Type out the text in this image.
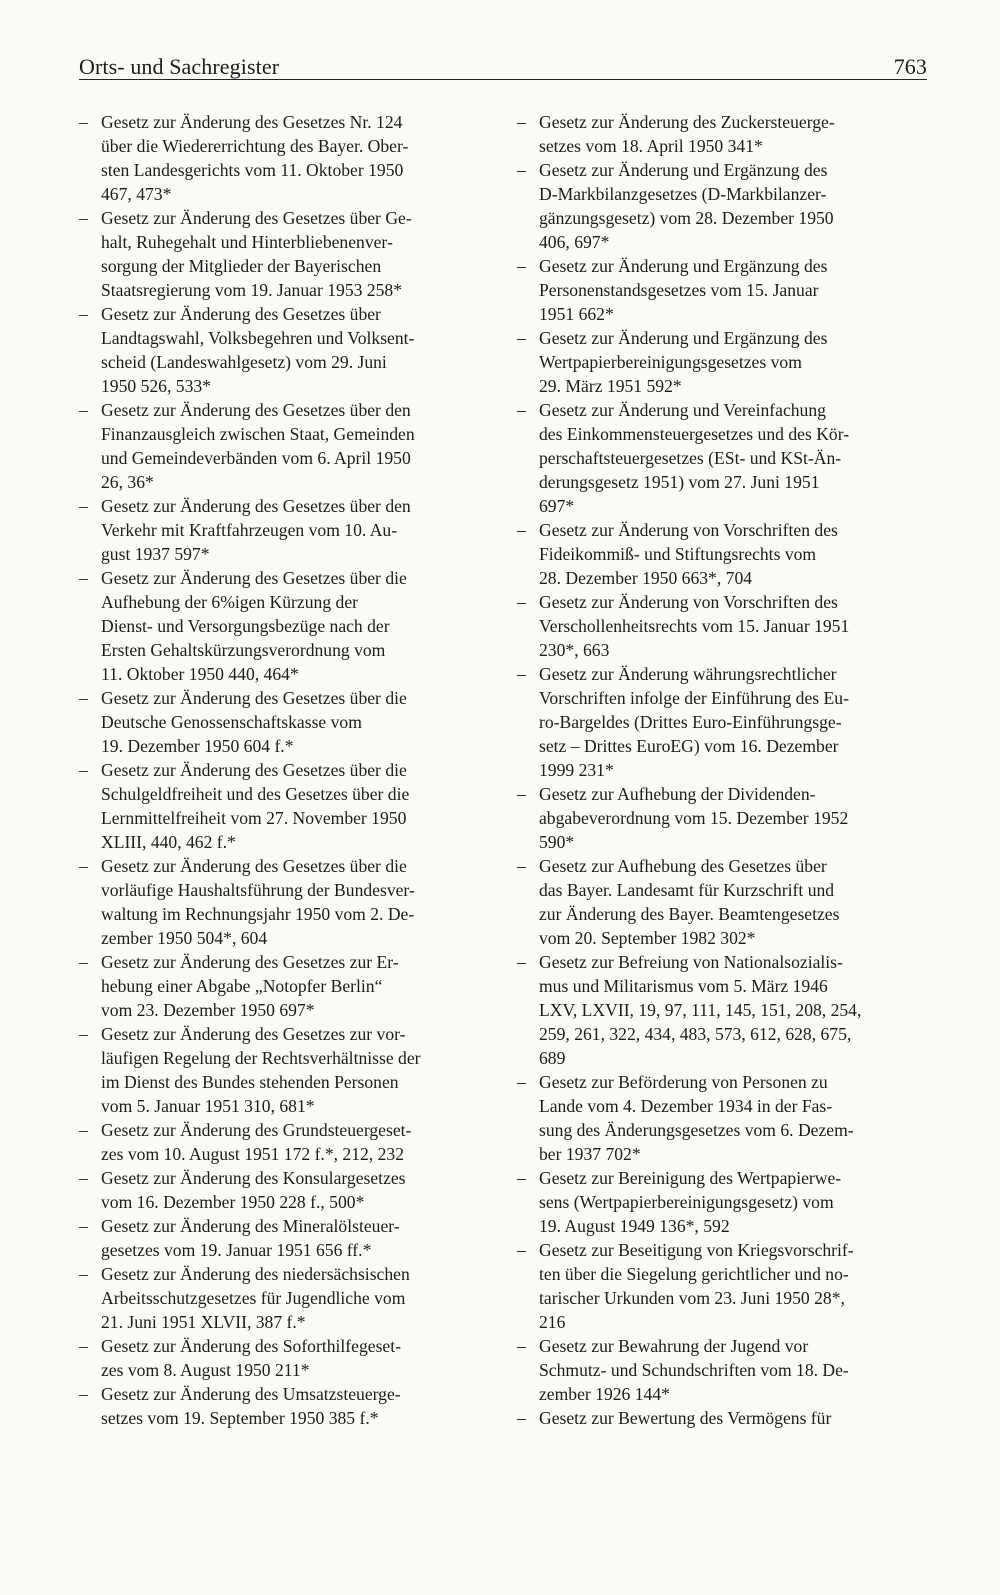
Orts- und Sachregister	763
– Gesetz zur Änderung des Gesetzes Nr. 124
über die Wiedererrichtung des Bayer. Ober-
sten Landesgerichts vom 11. Oktober 1950
467, 473*
– Gesetz zur Änderung des Gesetzes über Ge-
halt, Ruhegehalt und Hinterbliebenenver-
sorgung der Mitglieder der Bayerischen
Staatsregierung vom 19. Januar 1953 258*
– Gesetz zur Änderung des Gesetzes über
Landtagswahl, Volksbegehren und Volksent-
scheid (Landeswahlgesetz) vom 29. Juni
1950 526, 533*
– Gesetz zur Änderung des Gesetzes über den
Finanzausgleich zwischen Staat, Gemeinden
und Gemeindeverbänden vom 6. April 1950
26, 36*
– Gesetz zur Änderung des Gesetzes über den
Verkehr mit Kraftfahrzeugen vom 10. Au-
gust 1937 597*
– Gesetz zur Änderung des Gesetzes über die
Aufhebung der 6%igen Kürzung der
Dienst- und Versorgungsbezüge nach der
Ersten Gehaltskürzungsverordnung vom
11. Oktober 1950 440, 464*
– Gesetz zur Änderung des Gesetzes über die
Deutsche Genossenschaftskasse vom
19. Dezember 1950 604 f.*
– Gesetz zur Änderung des Gesetzes über die
Schulgeldfreiheit und des Gesetzes über die
Lernmittelfreiheit vom 27. November 1950
XLIII, 440, 462 f.*
– Gesetz zur Änderung des Gesetzes über die
vorläufige Haushaltsführung der Bundesver-
waltung im Rechnungsjahr 1950 vom 2. De-
zember 1950 504*, 604
– Gesetz zur Änderung des Gesetzes zur Er-
hebung einer Abgabe „Notopfer Berlin“
vom 23. Dezember 1950 697*
– Gesetz zur Änderung des Gesetzes zur vor-
läufigen Regelung der Rechtsverhältnisse der
im Dienst des Bundes stehenden Personen
vom 5. Januar 1951 310, 681*
– Gesetz zur Änderung des Grundsteuergeset-
zes vom 10. August 1951 172 f.*, 212, 232
– Gesetz zur Änderung des Konsulargesetzes
vom 16. Dezember 1950 228 f., 500*
– Gesetz zur Änderung des Mineralölsteuer-
gesetzes vom 19. Januar 1951 656 ff.*
– Gesetz zur Änderung des niedersächsischen
Arbeitsschutzgesetzes für Jugendliche vom
21. Juni 1951 XLVII, 387 f.*
– Gesetz zur Änderung des Soforthilfegeset-
zes vom 8. August 1950 211*
– Gesetz zur Änderung des Umsatzsteuerge-
setzes vom 19. September 1950 385 f.*
– Gesetz zur Änderung des Zuckersteuerge-
setzes vom 18. April 1950 341*
– Gesetz zur Änderung und Ergänzung des
D-Markbilanzgesetzes (D-Markbilanzer-
gänzungsgesetz) vom 28. Dezember 1950
406, 697*
– Gesetz zur Änderung und Ergänzung des
Personenstandsgesetzes vom 15. Januar
1951 662*
– Gesetz zur Änderung und Ergänzung des
Wertpapierbereinigungsgesetzes vom
29. März 1951 592*
– Gesetz zur Änderung und Vereinfachung
des Einkommensteuergesetzes und des Kör-
perschaftsteuergesetzes (ESt- und KSt-Än-
derungsgesetz 1951) vom 27. Juni 1951
697*
– Gesetz zur Änderung von Vorschriften des
Fideikommiß- und Stiftungsrechts vom
28. Dezember 1950 663*, 704
– Gesetz zur Änderung von Vorschriften des
Verschollenheitsrechts vom 15. Januar 1951
230*, 663
– Gesetz zur Änderung währungsrechtlicher
Vorschriften infolge der Einführung des Eu-
ro-Bargeldes (Drittes Euro-Einführungsge-
setz – Drittes EuroEG) vom 16. Dezember
1999 231*
– Gesetz zur Aufhebung der Dividenden-
abgabeverordnung vom 15. Dezember 1952
590*
– Gesetz zur Aufhebung des Gesetzes über
das Bayer. Landesamt für Kurzschrift und
zur Änderung des Bayer. Beamtengesetzes
vom 20. September 1982 302*
– Gesetz zur Befreiung von Nationalsozialis-
mus und Militarismus vom 5. März 1946
LXV, LXVII, 19, 97, 111, 145, 151, 208, 254,
259, 261, 322, 434, 483, 573, 612, 628, 675,
689
– Gesetz zur Beförderung von Personen zu
Lande vom 4. Dezember 1934 in der Fas-
sung des Änderungsgesetzes vom 6. Dezem-
ber 1937 702*
– Gesetz zur Bereinigung des Wertpapierwe-
sens (Wertpapierbereinigungsgesetz) vom
19. August 1949 136*, 592
– Gesetz zur Beseitigung von Kriegsvorschrif-
ten über die Siegelung gerichtlicher und no-
tarischer Urkunden vom 23. Juni 1950 28*,
216
– Gesetz zur Bewahrung der Jugend vor
Schmutz- und Schundschriften vom 18. De-
zember 1926 144*
– Gesetz zur Bewertung des Vermögens für
